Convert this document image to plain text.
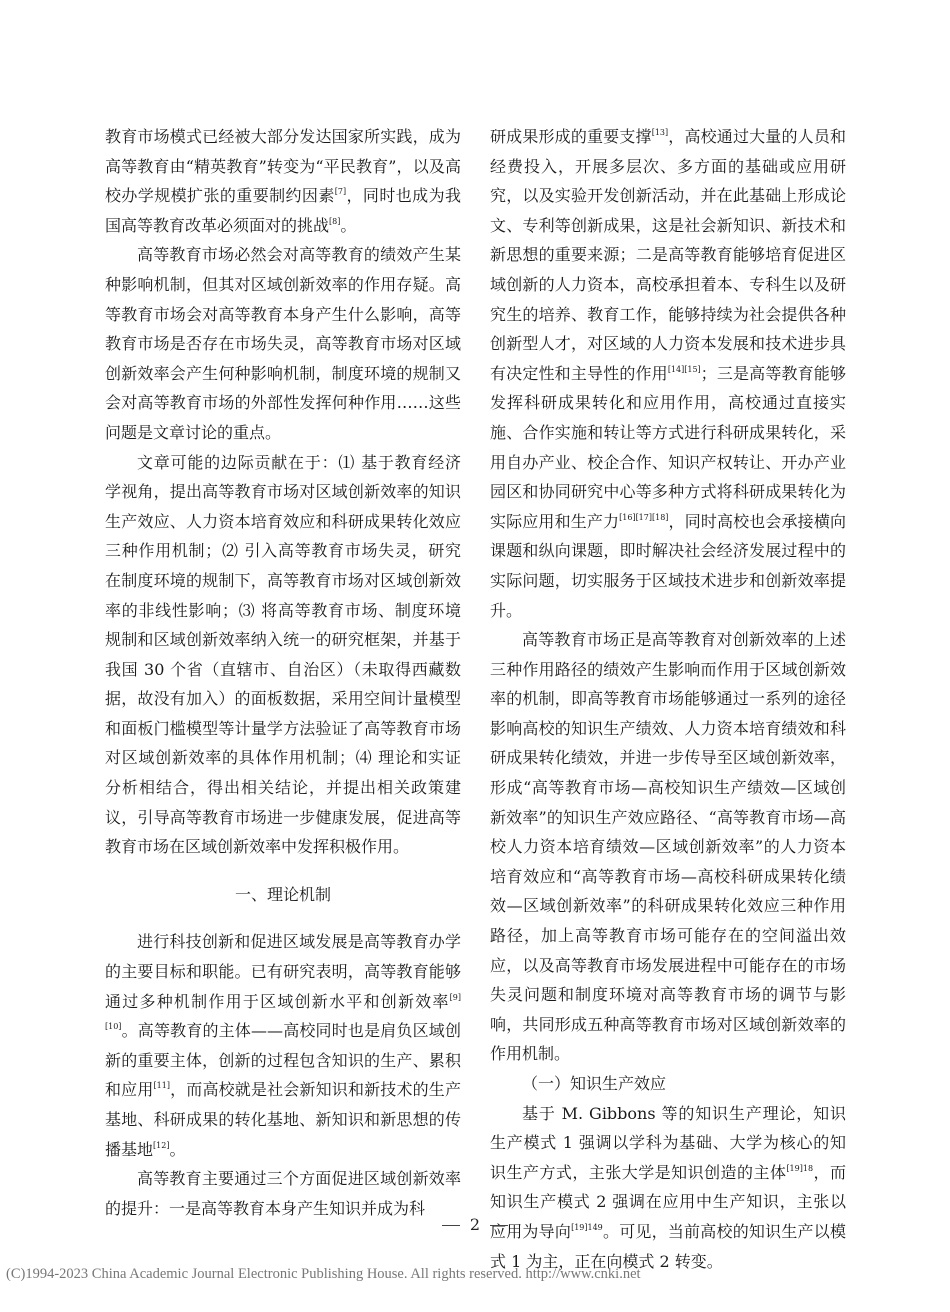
教育市场模式已经被大部分发达国家所实践，成为高等教育由“精英教育”转变为“平民教育”，以及高校办学规模扩张的重要制约因素[7]，同时也成为我国高等教育改革必须面对的挑战[8]。

高等教育市场必然会对高等教育的绩效产生某种影响机制，但其对区域创新效率的作用存疑。高等教育市场会对高等教育本身产生什么影响，高等教育市场是否存在市场失灵，高等教育市场对区域创新效率会产生何种影响机制，制度环境的规制又会对高等教育市场的外部性发挥何种作用……这些问题是文章讨论的重点。

文章可能的边际贡献在于：⑴ 基于教育经济学视角，提出高等教育市场对区域创新效率的知识生产效应、人力资本培育效应和科研成果转化效应三种作用机制；⑵ 引入高等教育市场失灵，研究在制度环境的规制下，高等教育市场对区域创新效率的非线性影响；⑶ 将高等教育市场、制度环境规制和区域创新效率纳入统一的研究框架，并基于我国 30 个省（直辖市、自治区）（未取得西藏数据，故没有加入）的面板数据，采用空间计量模型和面板门槛模型等计量学方法验证了高等教育市场对区域创新效率的具体作用机制；⑷ 理论和实证分析相结合，得出相关结论，并提出相关政策建议，引导高等教育市场进一步健康发展，促进高等教育市场在区域创新效率中发挥积极作用。

一、理论机制

进行科技创新和促进区域发展是高等教育办学的主要目标和职能。已有研究表明，高等教育能够通过多种机制作用于区域创新水平和创新效率[9][10]。高等教育的主体——高校同时也是肩负区域创新的重要主体，创新的过程包含知识的生产、累积和应用[11]，而高校就是社会新知识和新技术的生产基地、科研成果的转化基地、新知识和新思想的传播基地[12]。

高等教育主要通过三个方面促进区域创新效率的提升：一是高等教育本身产生知识并成为科

研成果形成的重要支撑[13]，高校通过大量的人员和经费投入，开展多层次、多方面的基础或应用研究，以及实验开发创新活动，并在此基础上形成论文、专利等创新成果，这是社会新知识、新技术和新思想的重要来源；二是高等教育能够培育促进区域创新的人力资本，高校承担着本、专科生以及研究生的培养、教育工作，能够持续为社会提供各种创新型人才，对区域的人力资本发展和技术进步具有决定性和主导性的作用[14][15]；三是高等教育能够发挥科研成果转化和应用作用，高校通过直接实施、合作实施和转让等方式进行科研成果转化，采用自办产业、校企合作、知识产权转让、开办产业园区和协同研究中心等多种方式将科研成果转化为实际应用和生产力[16][17][18]，同时高校也会承接横向课题和纵向课题，即时解决社会经济发展过程中的实际问题，切实服务于区域技术进步和创新效率提升。

高等教育市场正是高等教育对创新效率的上述三种作用路径的绩效产生影响而作用于区域创新效率的机制，即高等教育市场能够通过一系列的途径影响高校的知识生产绩效、人力资本培育绩效和科研成果转化绩效，并进一步传导至区域创新效率，形成“高等教育市场—高校知识生产绩效—区域创新效率”的知识生产效应路径、“高等教育市场—高校人力资本培育绩效—区域创新效率”的人力资本培育效应和“高等教育市场—高校科研成果转化绩效—区域创新效率”的科研成果转化效应三种作用路径，加上高等教育市场可能存在的空间溢出效应，以及高等教育市场发展进程中可能存在的市场失灵问题和制度环境对高等教育市场的调节与影响，共同形成五种高等教育市场对区域创新效率的作用机制。

（一）知识生产效应

基于 M. Gibbons 等的知识生产理论，知识生产模式 1 强调以学科为基础、大学为核心的知识生产方式，主张大学是知识创造的主体$^{[19]18}$，而知识生产模式 2 强调在应用中生产知识，主张以应用为导向$^{[19]149}$。可见，当前高校的知识生产以模式 1 为主，正在向模式 2 转变。

2
(C)1994-2023 China Academic Journal Electronic Publishing House. All rights reserved. http://www.cnki.net
